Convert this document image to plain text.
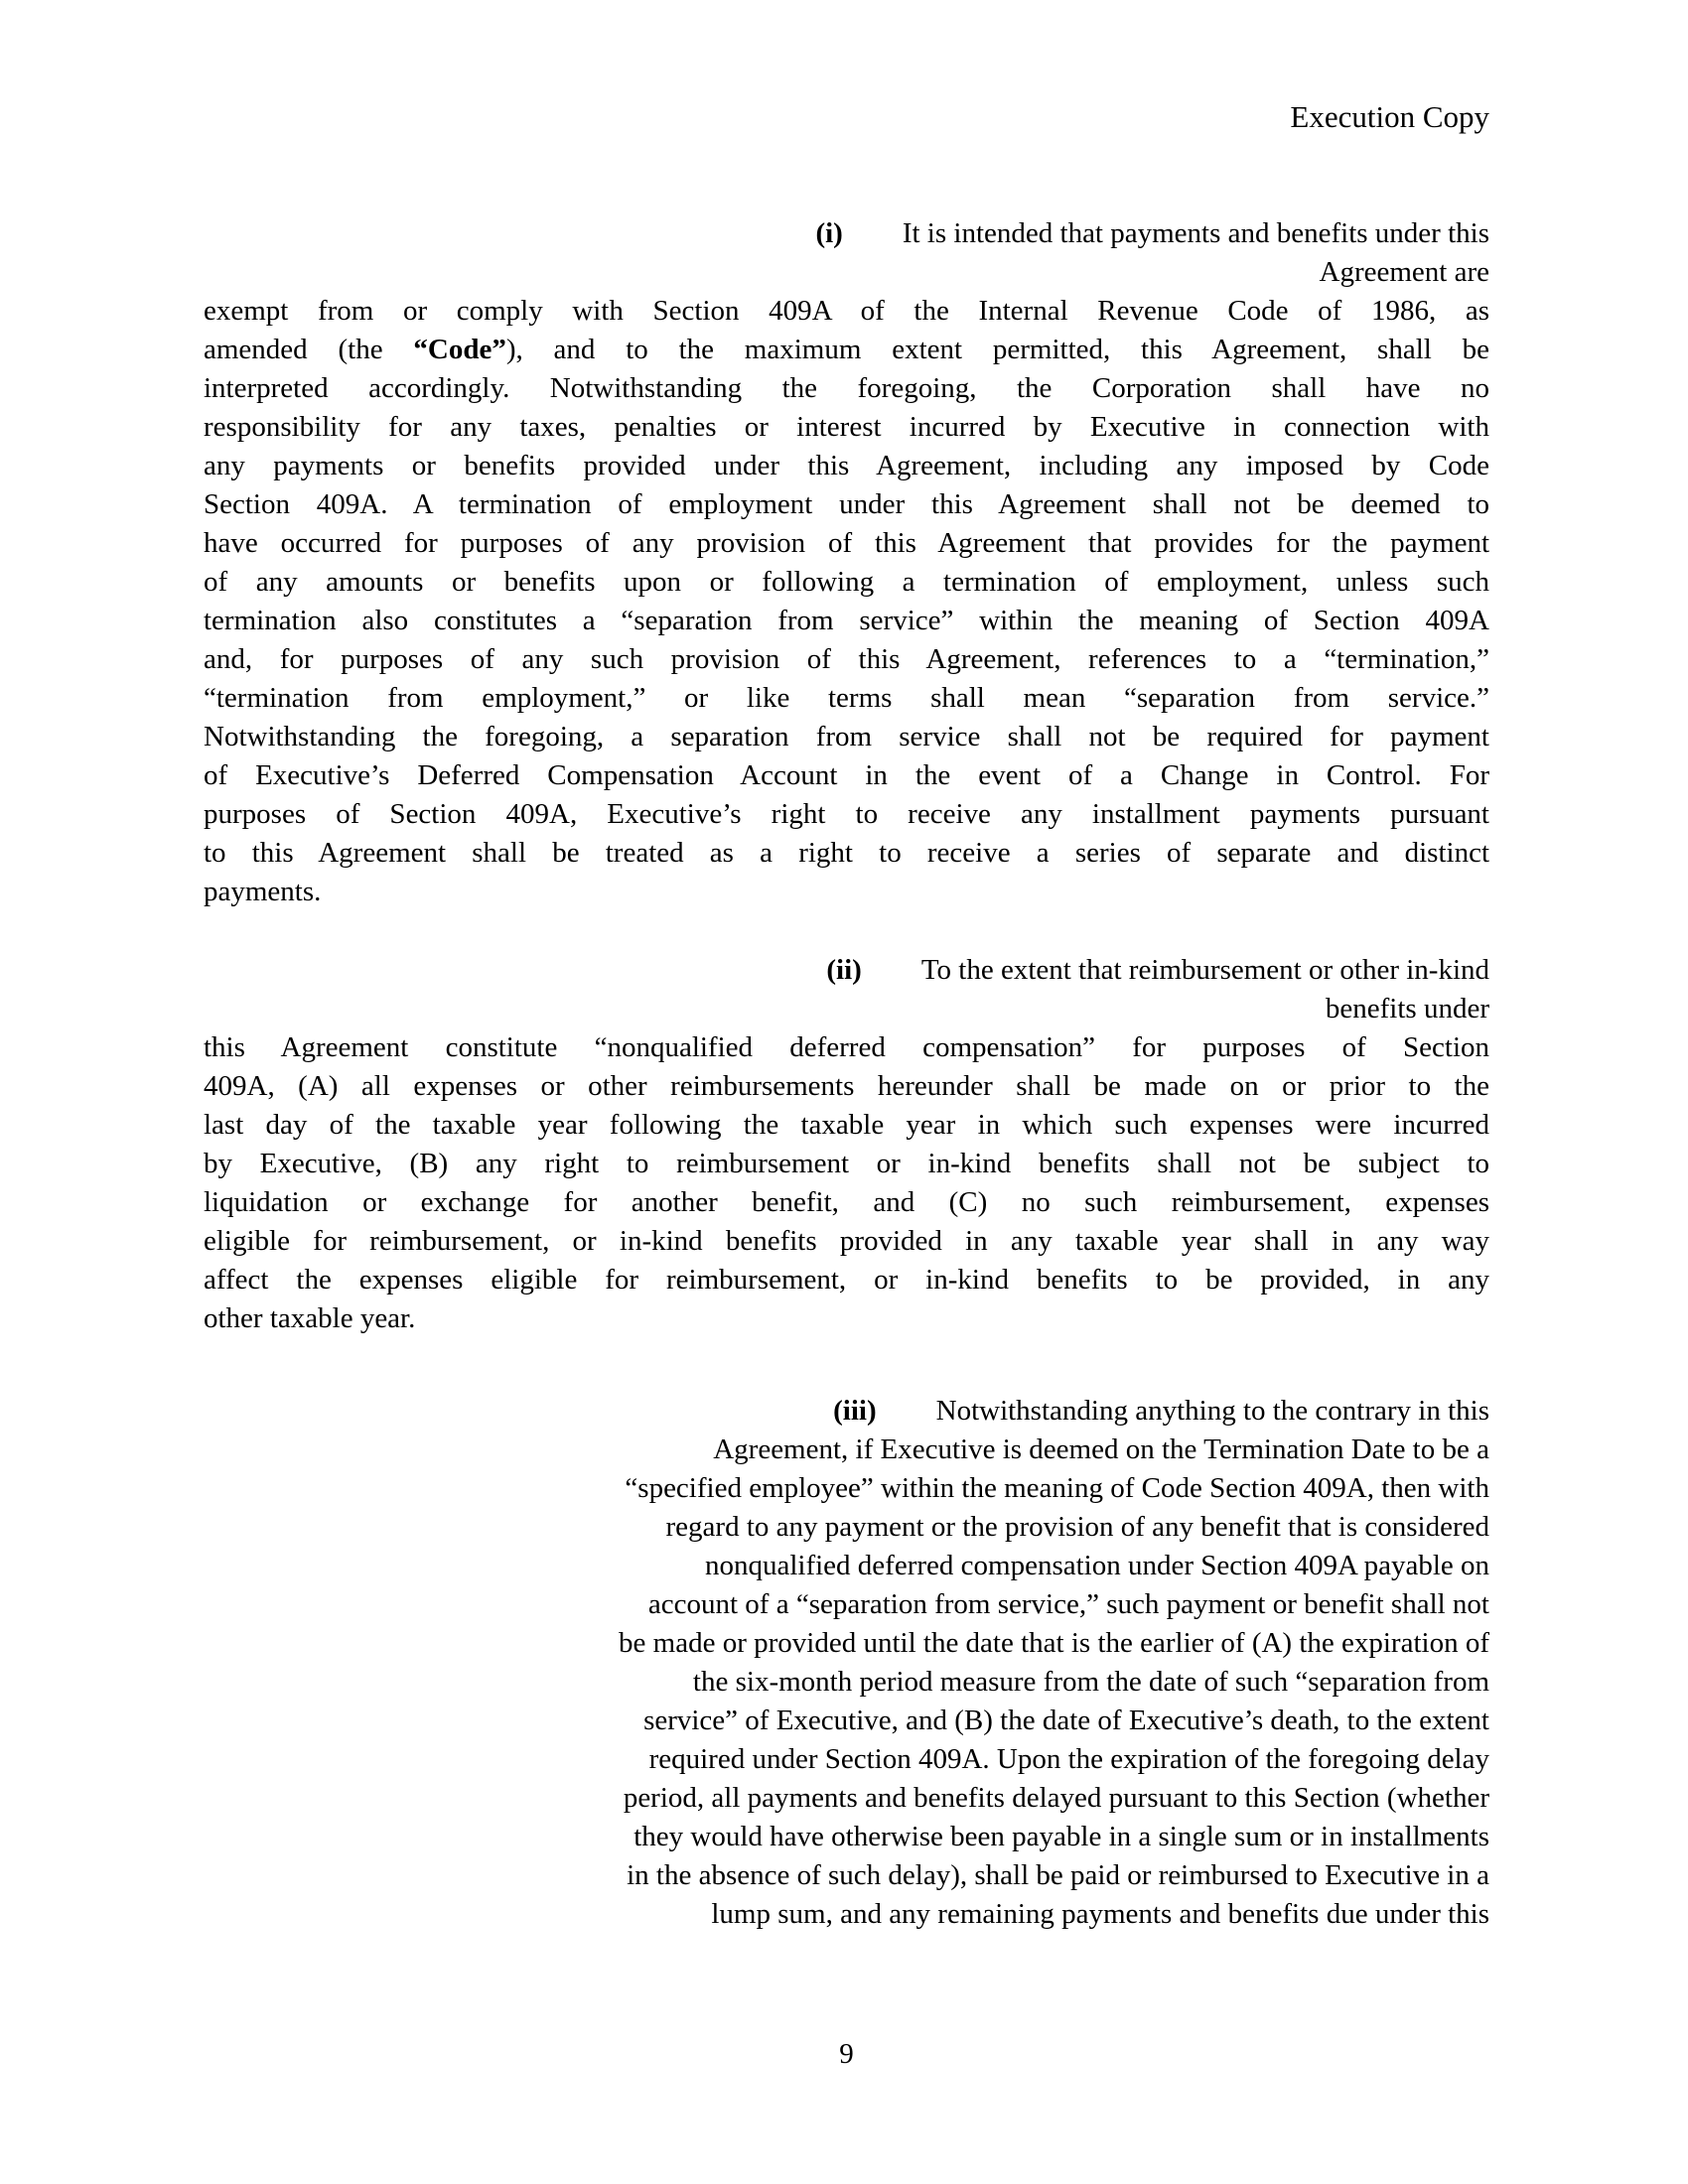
Execution Copy
(i) It is intended that payments and benefits under this
Agreement are
exempt from or comply with Section 409A of the Internal Revenue Code of 1986, as
amended (the “Code”), and to the maximum extent permitted, this Agreement, shall be
interpreted accordingly. Notwithstanding the foregoing, the Corporation shall have no
responsibility for any taxes, penalties or interest incurred by Executive in connection with
any payments or benefits provided under this Agreement, including any imposed by Code
Section 409A. A termination of employment under this Agreement shall not be deemed to
have occurred for purposes of any provision of this Agreement that provides for the payment
of any amounts or benefits upon or following a termination of employment, unless such
termination also constitutes a “separation from service” within the meaning of Section 409A
and, for purposes of any such provision of this Agreement, references to a “termination,”
“termination from employment,” or like terms shall mean “separation from service.”
Notwithstanding the foregoing, a separation from service shall not be required for payment
of Executive’s Deferred Compensation Account in the event of a Change in Control. For
purposes of Section 409A, Executive’s right to receive any installment payments pursuant
to this Agreement shall be treated as a right to receive a series of separate and distinct
payments.
(ii) To the extent that reimbursement or other in-kind
benefits under
this Agreement constitute “nonqualified deferred compensation” for purposes of Section
409A, (A) all expenses or other reimbursements hereunder shall be made on or prior to the
last day of the taxable year following the taxable year in which such expenses were incurred
by Executive, (B) any right to reimbursement or in-kind benefits shall not be subject to
liquidation or exchange for another benefit, and (C) no such reimbursement, expenses
eligible for reimbursement, or in-kind benefits provided in any taxable year shall in any way
affect the expenses eligible for reimbursement, or in-kind benefits to be provided, in any
other taxable year.
(iii) Notwithstanding anything to the contrary in this
Agreement, if Executive is deemed on the Termination Date to be a
“specified employee” within the meaning of Code Section 409A, then with
regard to any payment or the provision of any benefit that is considered
nonqualified deferred compensation under Section 409A payable on
account of a “separation from service,” such payment or benefit shall not
be made or provided until the date that is the earlier of (A) the expiration of
the six-month period measure from the date of such “separation from
service” of Executive, and (B) the date of Executive’s death, to the extent
required under Section 409A. Upon the expiration of the foregoing delay
period, all payments and benefits delayed pursuant to this Section (whether
they would have otherwise been payable in a single sum or in installments
in the absence of such delay), shall be paid or reimbursed to Executive in a
lump sum, and any remaining payments and benefits due under this
9
